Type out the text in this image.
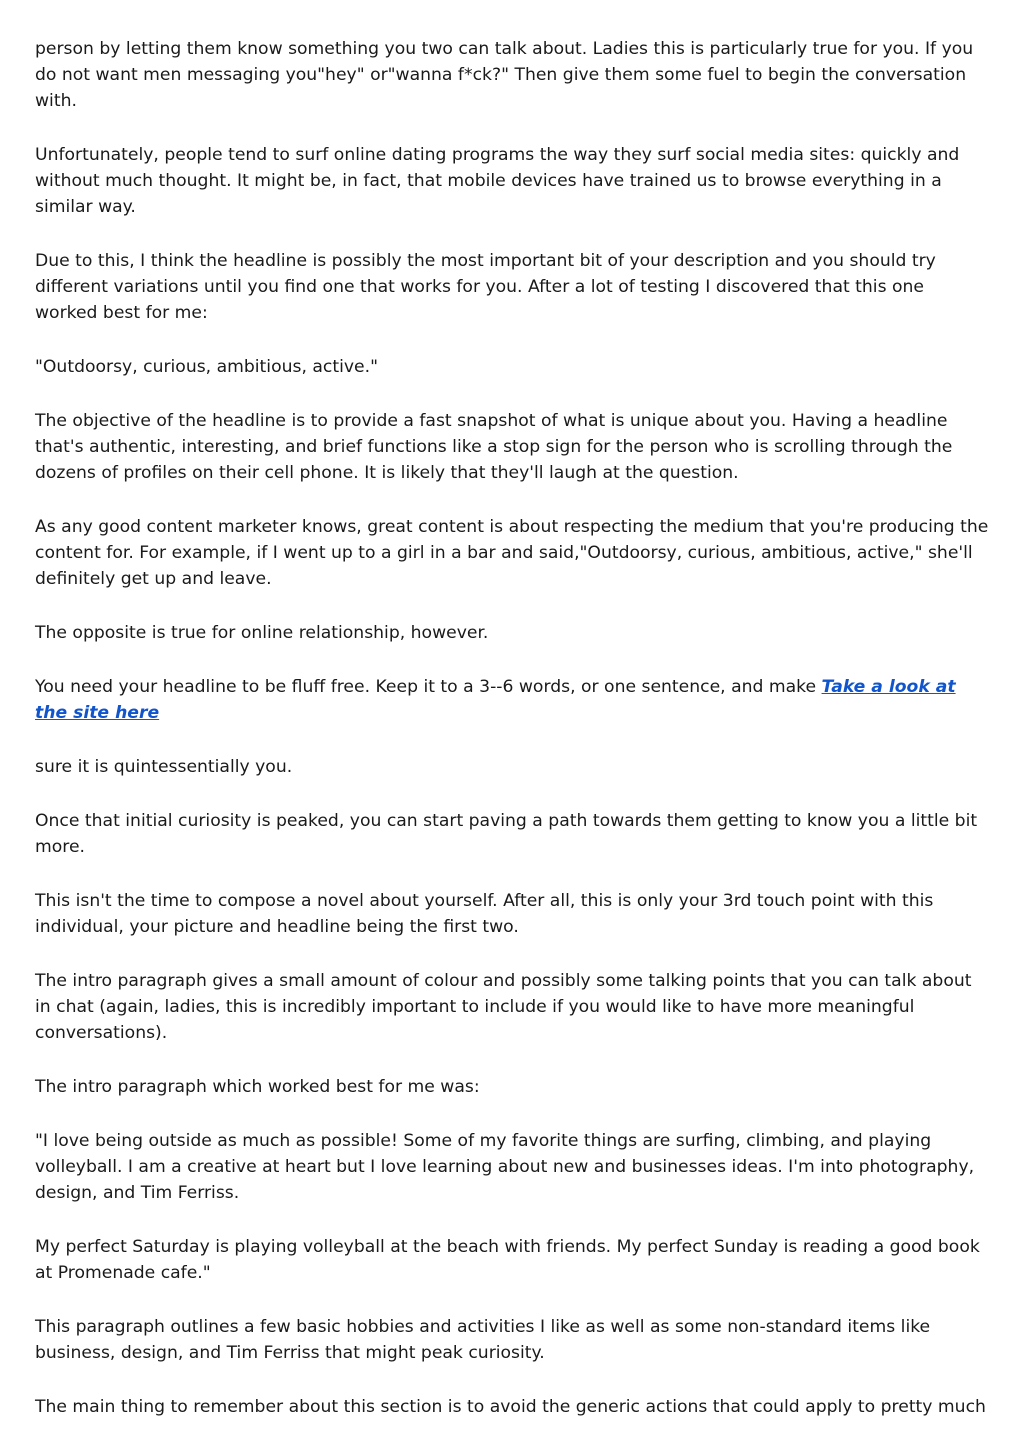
person by letting them know something you two can talk about. Ladies this is particularly true for you. If you do not want men messaging you"hey" or"wanna f*ck?" Then give them some fuel to begin the conversation with.

Unfortunately, people tend to surf online dating programs the way they surf social media sites: quickly and without much thought. It might be, in fact, that mobile devices have trained us to browse everything in a similar way.

Due to this, I think the headline is possibly the most important bit of your description and you should try different variations until you find one that works for you. After a lot of testing I discovered that this one worked best for me:

"Outdoorsy, curious, ambitious, active."

The objective of the headline is to provide a fast snapshot of what is unique about you. Having a headline that's authentic, interesting, and brief functions like a stop sign for the person who is scrolling through the dozens of profiles on their cell phone. It is likely that they'll laugh at the question.

As any good content marketer knows, great content is about respecting the medium that you're producing the content for. For example, if I went up to a girl in a bar and said,"Outdoorsy, curious, ambitious, active," she'll definitely get up and leave.

The opposite is true for online relationship, however.

You need your headline to be fluff free. Keep it to a 3--6 words, or one sentence, and make Take a look at the site here

sure it is quintessentially you.

Once that initial curiosity is peaked, you can start paving a path towards them getting to know you a little bit more.

This isn't the time to compose a novel about yourself. After all, this is only your 3rd touch point with this individual, your picture and headline being the first two.

The intro paragraph gives a small amount of colour and possibly some talking points that you can talk about in chat (again, ladies, this is incredibly important to include if you would like to have more meaningful conversations).

The intro paragraph which worked best for me was:

"I love being outside as much as possible! Some of my favorite things are surfing, climbing, and playing volleyball. I am a creative at heart but I love learning about new and businesses ideas. I'm into photography, design, and Tim Ferriss.

My perfect Saturday is playing volleyball at the beach with friends. My perfect Sunday is reading a good book at Promenade cafe."

This paragraph outlines a few basic hobbies and activities I like as well as some non-standard items like business, design, and Tim Ferriss that might peak curiosity.

The main thing to remember about this section is to avoid the generic actions that could apply to pretty much
